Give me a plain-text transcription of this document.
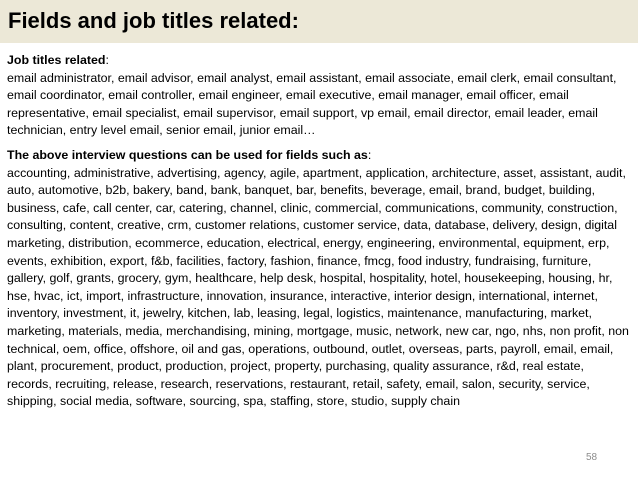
Fields and job titles related:
Job titles related:

email administrator, email advisor, email analyst, email assistant, email associate, email clerk, email consultant, email coordinator, email controller, email engineer, email executive, email manager, email officer, email representative, email specialist, email supervisor, email support, vp email, email director, email leader, email technician, entry level email, senior email, junior email…

The above interview questions can be used for fields such as:

accounting, administrative, advertising, agency, agile, apartment, application, architecture, asset, assistant, audit, auto, automotive, b2b, bakery, band, bank, banquet, bar, benefits, beverage, email, brand, budget, building, business, cafe, call center, car, catering, channel, clinic, commercial, communications, community, construction, consulting, content, creative, crm, customer relations, customer service, data, database, delivery, design, digital marketing, distribution, ecommerce, education, electrical, energy, engineering, environmental, equipment, erp, events, exhibition, export, f&b, facilities, factory, fashion, finance, fmcg, food industry, fundraising, furniture, gallery, golf, grants, grocery, gym, healthcare, help desk, hospital, hospitality, hotel, housekeeping, housing, hr, hse, hvac, ict, import, infrastructure, innovation, insurance, interactive, interior design, international, internet, inventory, investment, it, jewelry, kitchen, lab, leasing, legal, logistics, maintenance, manufacturing, market, marketing, materials, media, merchandising, mining, mortgage, music, network, new car, ngo, nhs, non profit, non technical, oem, office, offshore, oil and gas, operations, outbound, outlet, overseas, parts, payroll, email, email, plant, procurement, product, production, project, property, purchasing, quality assurance, r&d, real estate, records, recruiting, release, research, reservations, restaurant, retail, safety, email, salon, security, service, shipping, social media, software, sourcing, spa, staffing, store, studio, supply chain

58
